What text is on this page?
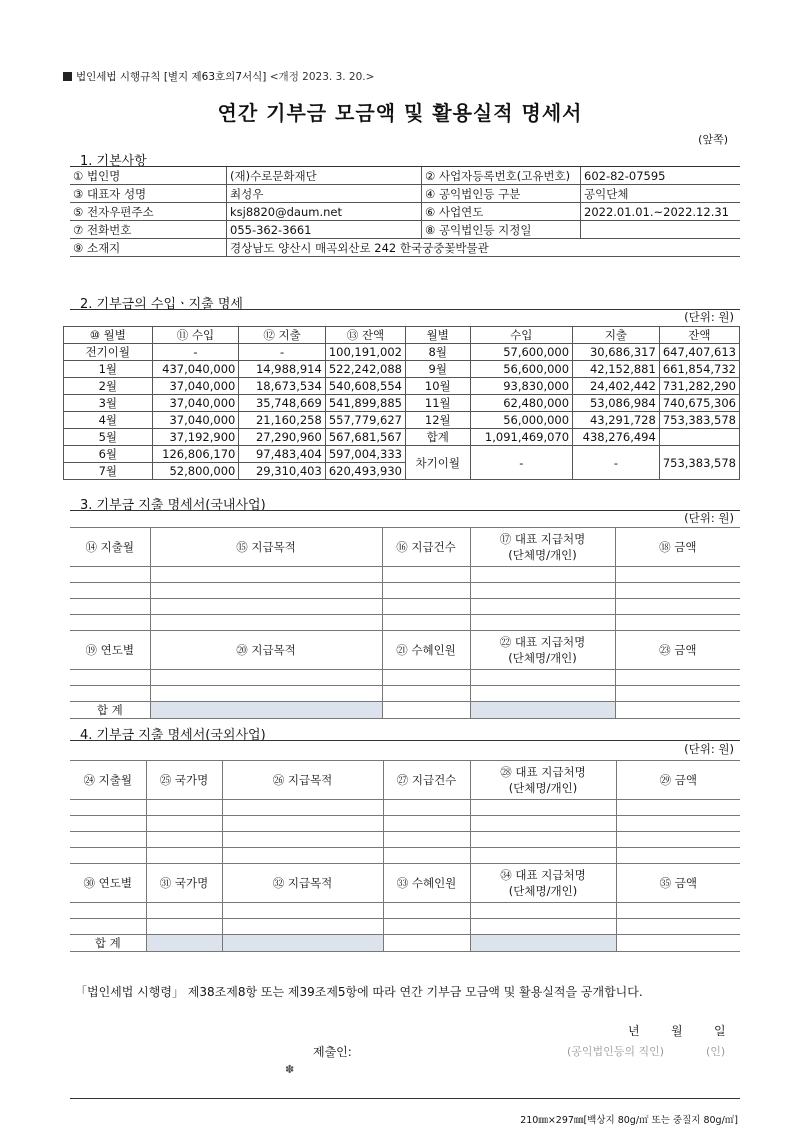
법인세법 시행규칙 [별지 제63호의7서식] <개정 2023. 3. 20.>
연간 기부금 모금액 및 활용실적 명세서
(앞쪽)
1. 기본사항
① 법인명	(재)수로문화재단	② 사업자등록번호(고유번호)	602-82-07595
③ 대표자 성명	최성우	④ 공익법인등 구분	공익단체
⑤ 전자우편주소	ksj8820@daum.net	⑥ 사업연도	2022.01.01.~2022.12.31
⑦ 전화번호	055-362-3661	⑧ 공익법인등 지정일	
⑨ 소재지	경상남도 양산시 매곡외산로 242 한국궁중꽃박물관		
2. 기부금의 수입ㆍ지출 명세
(단위: 원)
⑩ 월별	⑪ 수입	⑫ 지출	⑬ 잔액	월별	수입	지출	잔액
전기이월	-	-	100,191,002	8월	57,600,000	30,686,317	647,407,613
1월	437,040,000	14,988,914	522,242,088	9월	56,600,000	42,152,881	661,854,732
2월	37,040,000	18,673,534	540,608,554	10월	93,830,000	24,402,442	731,282,290
3월	37,040,000	35,748,669	541,899,885	11월	62,480,000	53,086,984	740,675,306
4월	37,040,000	21,160,258	557,779,627	12월	56,000,000	43,291,728	753,383,578
5월	37,192,900	27,290,960	567,681,567	합계	1,091,469,070	438,276,494	
6월	126,806,170	97,483,404	597,004,333	차기이월	-	-	753,383,578
7월	52,800,000	29,310,403	620,493,930				
3. 기부금 지출 명세서(국내사업)
(단위: 원)
⑭ 지출월	⑮ 지급목적	⑯ 지급건수	⑰ 대표 지급처명
(단체명/개인)	⑱ 금액

⑲ 연도별	⑳ 지급목적	㉑ 수혜인원	㉒ 대표 지급처명
(단체명/개인)	㉓ 금액

합 계				
4. 기부금 지출 명세서(국외사업)
(단위: 원)
㉔ 지출월	㉕ 국가명	㉖ 지급목적	㉗ 지급건수	㉘ 대표 지급처명
(단체명/개인)	㉙ 금액

㉚ 연도별	㉛ 국가명	㉜ 지급목적	㉝ 수혜인원	㉞ 대표 지급처명
(단체명/개인)	㉟ 금액

합 계					
「법인세법 시행령」 제38조제8항 또는 제39조제5항에 따라 연간 기부금 모금액 및 활용실적을 공개합니다.
년	월	일
제출인:	(공익법인등의 직인)	(인)
✽
210㎜×297㎜[백상지 80g/㎡ 또는 중질지 80g/㎡]
